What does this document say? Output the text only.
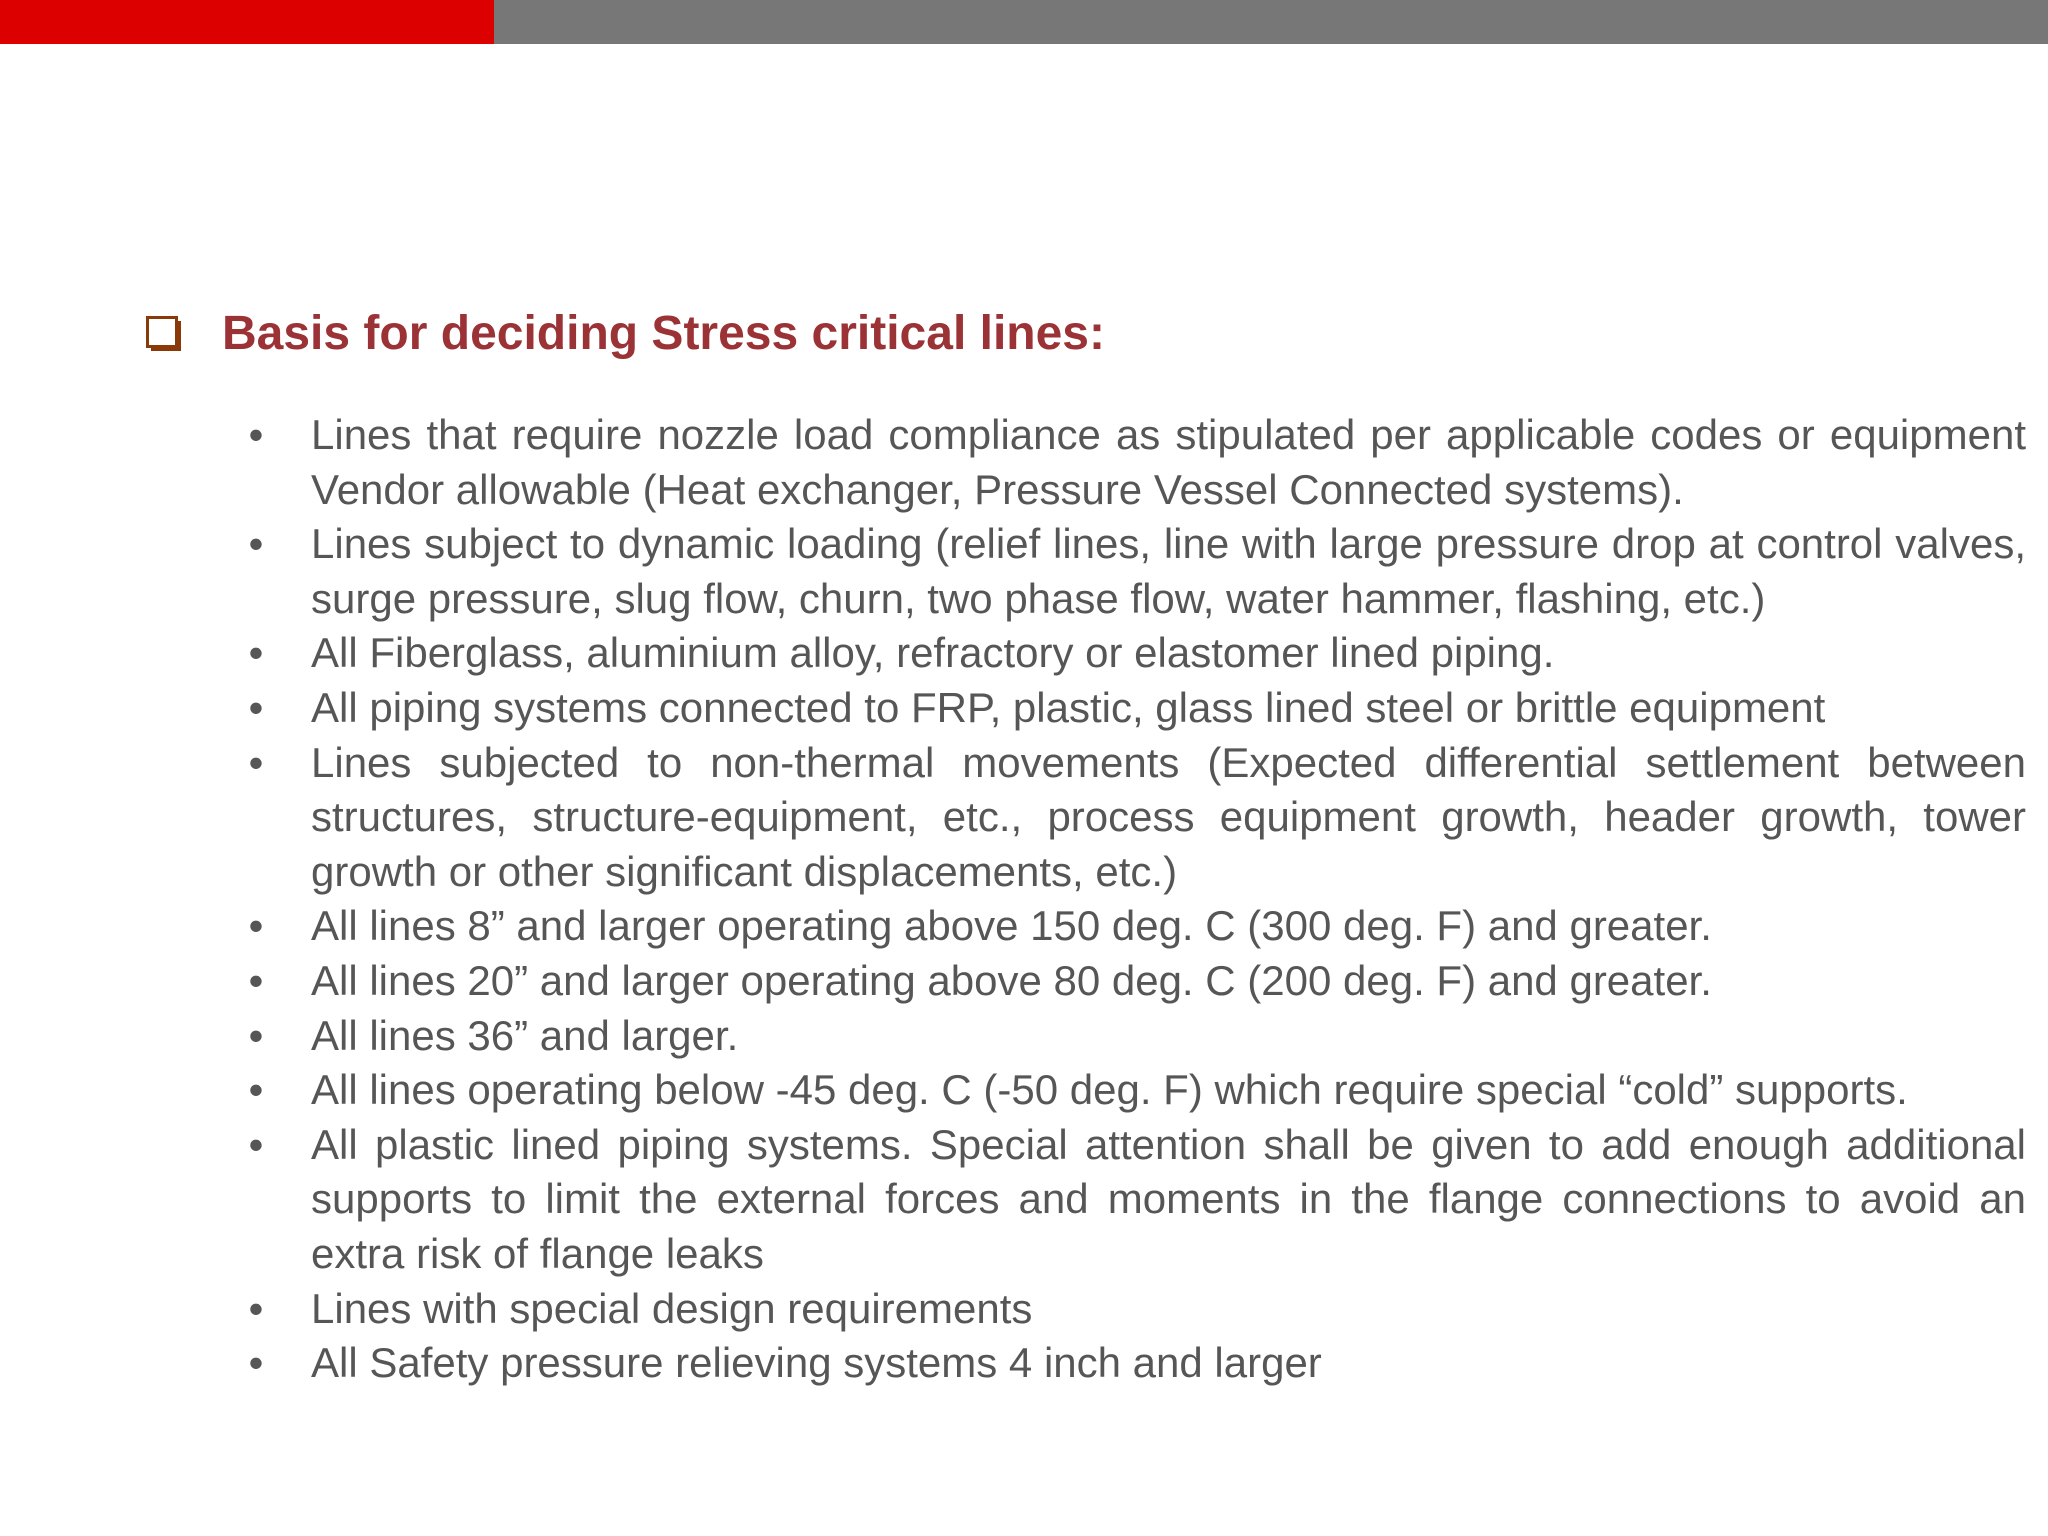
Basis for deciding Stress critical lines:
• Lines that require nozzle load compliance as stipulated per applicable codes or equipment Vendor allowable (Heat exchanger, Pressure Vessel Connected systems).
• Lines subject to dynamic loading (relief lines, line with large pressure drop at control valves, surge pressure, slug flow, churn, two phase flow, water hammer, flashing, etc.)
• All Fiberglass, aluminium alloy, refractory or elastomer lined piping.
• All piping systems connected to FRP, plastic, glass lined steel or brittle equipment
• Lines subjected to non-thermal movements (Expected differential settlement between structures, structure-equipment, etc., process equipment growth, header growth, tower growth or other significant displacements, etc.)
• All lines 8” and larger operating above 150 deg. C (300 deg. F) and greater.
• All lines 20” and larger operating above 80 deg. C (200 deg. F) and greater.
• All lines 36” and larger.
• All lines operating below -45 deg. C (-50 deg. F) which require special “cold” supports.
• All plastic lined piping systems. Special attention shall be given to add enough additional supports to limit the external forces and moments in the flange connections to avoid an extra risk of flange leaks
• Lines with special design requirements
• All Safety pressure relieving systems 4 inch and larger
